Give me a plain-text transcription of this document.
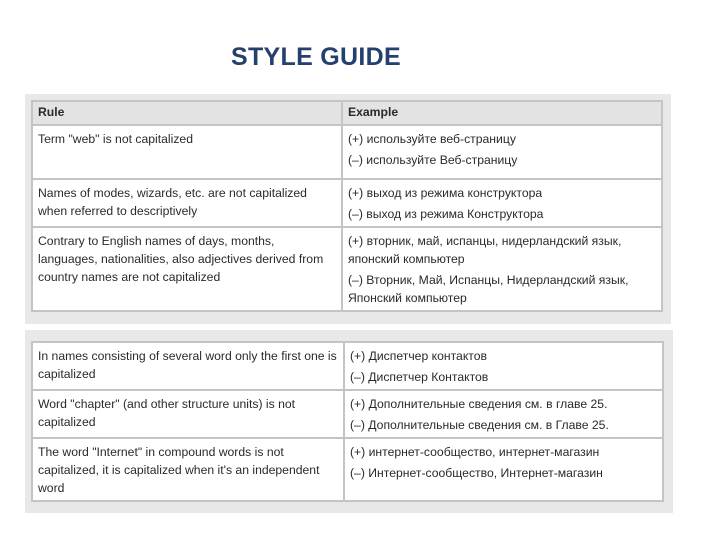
STYLE GUIDE
Rule	Example

Term "web" is not capitalized	(+) используйте веб-страницу
(–) используйте Веб-страницу

Names of modes, wizards, etc. are not capitalized when referred to descriptively	(+) выход из режима конструктора
(–) выход из режима Конструктора

Contrary to English names of days, months, languages, nationalities, also adjectives derived from country names are not capitalized	(+) вторник, май, испанцы, нидерландский язык, японский компьютер
(–) Вторник, Май, Испанцы, Нидерландский язык, Японский компьютер
In names consisting of several word only the first one is capitalized	(+) Диспетчер контактов
(–) Диспетчер Контактов

Word "chapter" (and other structure units) is not capitalized	(+) Дополнительные сведения см. в главе 25.
(–) Дополнительные сведения см. в Главе 25.

The word "Internet" in compound words is not capitalized, it is capitalized when it's an independent word	(+) интернет-сообщество, интернет-магазин
(–) Интернет-сообщество, Интернет-магазин
